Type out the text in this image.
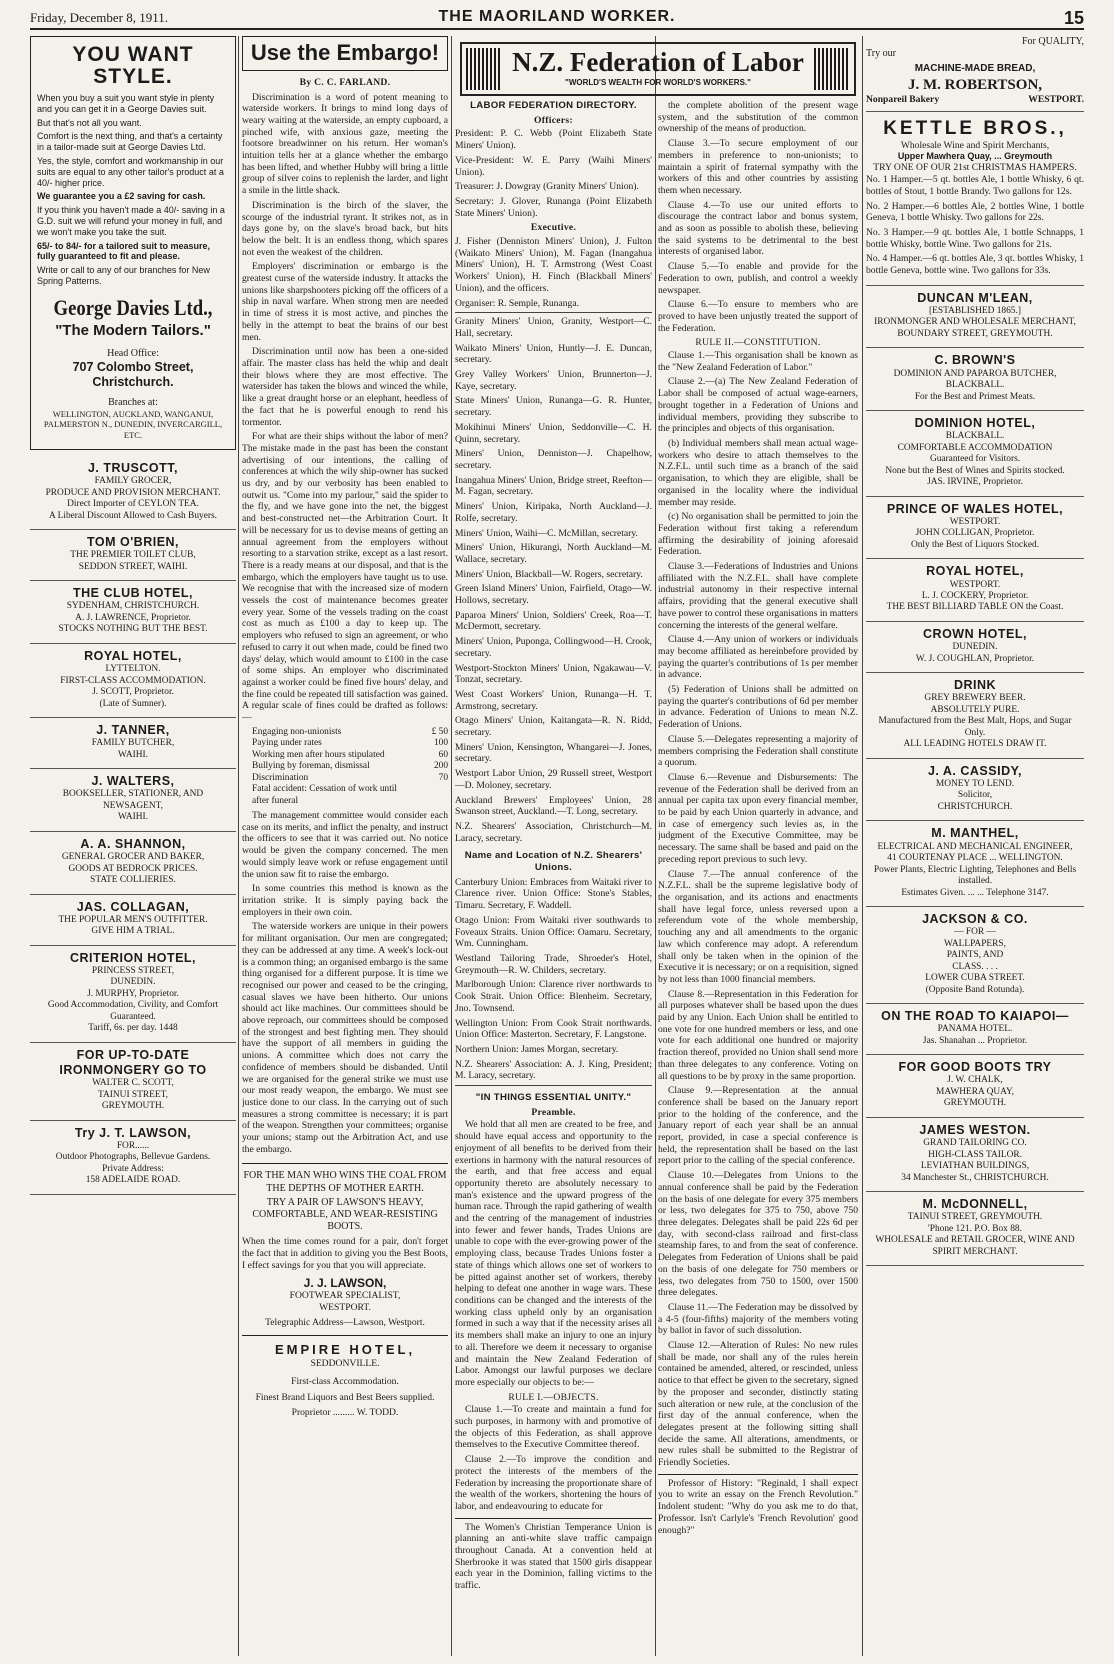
Friday, December 8, 1911.	THE MAORILAND WORKER.	15
YOU WANT STYLE.
When you buy a suit you want style in plenty and you can get it in a George Davies suit.
But that's not all you want.
Comfort is the next thing, and that's a certainty in a tailor-made suit at George Davies Ltd.
Yes, the style, comfort and workmanship in our suits are equal to any other tailor's product at a 40/- higher price.
We guarantee you a £2 saving for cash.
If you think you haven't made a 40/- saving in a G.D. suit we will refund your money in full, and we won't make you take the suit.
65/- to 84/- for a tailored suit to measure, fully guaranteed to fit and please.
Write or call to any of our branches for New Spring Patterns.
George Davies Ltd.,
"The Modern Tailors."
Head Office:
707 Colombo Street, Christchurch.
Branches at:
WELLINGTON, AUCKLAND, WANGANUI, PALMERSTON N., DUNEDIN, INVERCARGILL, ETC.
J. TRUSCOTT,
FAMILY GROCER,
PRODUCE AND PROVISION MERCHANT.
Direct Importer of CEYLON TEA.
A Liberal Discount Allowed to Cash Buyers.
TOM O'BRIEN,
THE PREMIER TOILET CLUB,
SEDDON STREET, WAIHI.
THE CLUB HOTEL,
SYDENHAM, CHRISTCHURCH.
A. J. LAWRENCE, Proprietor.
STOCKS NOTHING BUT THE BEST.
ROYAL HOTEL,
LYTTELTON.
FIRST-CLASS ACCOMMODATION.
J. SCOTT, Proprietor.
(Late of Sumner).
J. TANNER,
FAMILY BUTCHER,
WAIHI.
J. WALTERS,
BOOKSELLER, STATIONER, AND NEWSAGENT,
WAIHI.
A. A. SHANNON,
GENERAL GROCER AND BAKER,
GOODS AT BEDROCK PRICES.
STATE COLLIERIES.
JAS. COLLAGAN,
THE POPULAR MEN'S OUTFITTER.
GIVE HIM A TRIAL.
CRITERION HOTEL,
PRINCESS STREET,
DUNEDIN.
J. MURPHY, Proprietor.
Good Accommodation, Civility, and Comfort Guaranteed.
Tariff, 6s. per day. 1448
FOR UP-TO-DATE IRONMONGERY GO TO
WALTER C. SCOTT,
TAINUI STREET,
GREYMOUTH.
Try J. T. LAWSON,
FOR......
Outdoor Photographs, Bellevue Gardens.
Private Address:
158 ADELAIDE ROAD.
Use the Embargo!
By C. C. FARLAND.

Discrimination is a word of potent meaning to waterside workers. It brings to mind long days of weary waiting at the waterside, an empty cupboard, a pinched wife, with anxious gaze, meeting the footsore breadwinner on his return. Her woman's intuition tells her at a glance whether the embargo has been lifted, and whether Hubby will bring a little group of silver coins to replenish the larder, and light a smile in the little shack.

Discrimination is the birch of the slaver, the scourge of the industrial tyrant. It strikes not, as in days gone by, on the slave's broad back, but hits below the belt. It is an endless thong, which spares not even the weakest of the children.

Employers' discrimination or embargo is the greatest curse of the waterside industry. It attacks the unions like sharpshooters picking off the officers of a ship in naval warfare. When strong men are needed in time of stress it is most active, and pinches the belly in the attempt to beat the brains of our best men.

Discrimination until now has been a one-sided affair. The master class has held the whip and dealt their blows where they are most effective. The watersider has taken the blows and winced the while, like a great draught horse or an elephant, heedless of the fact that he is powerful enough to rend his tormentor.

For what are their ships without the labor of men? The mistake made in the past has been the constant advertising of our intentions, the calling of conferences at which the wily ship-owner has sucked us dry, and by our verbosity has been enabled to outwit us. "Come into my parlour," said the spider to the fly, and we have gone into the net, the biggest and best-constructed net—the Arbitration Court. It will be necessary for us to devise means of getting an annual agreement from the employers without resorting to a starvation strike, except as a last resort. There is a ready means at our disposal, and that is the embargo, which the employers have taught us to use. We recognise that with the increased size of modern vessels the cost of maintenance becomes greater every year. Some of the vessels trading on the coast cost as much as £100 a day to keep up. The employers who refused to sign an agreement, or who refused to carry it out when made, could be fined two days' delay, which would amount to £100 in the case of some ships. An employer who discriminated against a worker could be fined five hours' delay, and the fine could be repeated till satisfaction was gained. A regular scale of fines could be drafted as follows:—

Engaging non-unionists	£ 50
Paying under rates	100
Working men after hours stipulated	60
Bullying by foreman, dismissal	200
Discrimination	70
Fatal accident: Cessation of work until after funeral	

The management committee would consider each case on its merits, and inflict the penalty, and instruct the officers to see that it was carried out. No notice would be given the company concerned. The men would simply leave work or refuse engagement until the union saw fit to raise the embargo.

In some countries this method is known as the irritation strike. It is simply paying back the employers in their own coin.

The waterside workers are unique in their powers for militant organisation. Our men are congregated; they can be addressed at any time. A week's lock-out is a common thing; an organised embargo is the same thing organised for a different purpose. It is time we recognised our power and ceased to be the cringing, casual slaves we have been hitherto. Our unions should act like machines. Our committees should be above reproach, our committees should be composed of the strongest and best fighting men. They should have the support of all members in guiding the unions. A committee which does not carry the confidence of members should be disbanded. Until we are organised for the general strike we must use our most ready weapon, the embargo. We must see justice done to our class. In the carrying out of such measures a strong committee is necessary; it is part of the weapon. Strengthen your committees; organise your unions; stamp out the Arbitration Act, and use the embargo.

FOR THE MAN WHO WINS THE COAL FROM THE DEPTHS OF MOTHER EARTH.
TRY A PAIR OF LAWSON'S HEAVY, COMFORTABLE, AND WEAR-RESISTING BOOTS.
When the time comes round for a pair, don't forget the fact that in addition to giving you the Best Boots, I effect savings for you that you will appreciate.
J. J. LAWSON,
FOOTWEAR SPECIALIST,
WESTPORT.
Telegraphic Address—Lawson, Westport.
EMPIRE HOTEL,
SEDDONVILLE.
First-class Accommodation.
Finest Brand Liquors and Best Beers supplied.
Proprietor ......... W. TODD.
N.Z. Federation of Labor
"WORLD'S WEALTH FOR WORLD'S WORKERS."
LABOR FEDERATION DIRECTORY.
Officers:

President: P. C. Webb (Point Elizabeth State Miners' Union).

Vice-President: W. E. Parry (Waihi Miners' Union).

Treasurer: J. Dowgray (Granity Miners' Union).

Secretary: J. Glover, Runanga (Point Elizabeth State Miners' Union).

Executive.

J. Fisher (Denniston Miners' Union), J. Fulton (Waikato Miners' Union), M. Fagan (Inangahua Miners' Union), H. T. Armstrong (West Coast Workers' Union), H. Finch (Blackball Miners' Union), and the officers.

Organiser: R. Semple, Runanga.

Granity Miners' Union, Granity, Westport—C. Hall, secretary.

Waikato Miners' Union, Huntly—J. E. Duncan, secretary.

Grey Valley Workers' Union, Brunnerton—J. Kaye, secretary.

State Miners' Union, Runanga—G. R. Hunter, secretary.

Mokihinui Miners' Union, Seddonville—C. H. Quinn, secretary.

Miners' Union, Denniston—J. Chapelhow, secretary.

Inangahua Miners' Union, Bridge street, Reefton—M. Fagan, secretary.

Miners' Union, Kiripaka, North Auckland—J. Rolfe, secretary.

Miners' Union, Waihi—C. McMillan, secretary.

Miners' Union, Hikurangi, North Auckland—M. Wallace, secretary.

Miners' Union, Blackball—W. Rogers, secretary.

Green Island Miners' Union, Fairfield, Otago—W. Hollows, secretary.

Paparoa Miners' Union, Soldiers' Creek, Roa—T. McDermott, secretary.

Miners' Union, Puponga, Collingwood—H. Crook, secretary.

Westport-Stockton Miners' Union, Ngakawau—V. Tonzat, secretary.

West Coast Workers' Union, Runanga—H. T. Armstrong, secretary.

Otago Miners' Union, Kaitangata—R. N. Ridd, secretary.

Miners' Union, Kensington, Whangarei—J. Jones, secretary.

Westport Labor Union, 29 Russell street, Westport—D. Moloney, secretary.

Auckland Brewers' Employees' Union, 28 Swanson street, Auckland.—T. Long, secretary.

N.Z. Shearers' Association, Christchurch—M. Laracy, secretary.

Name and Location of N.Z. Shearers' Unions.

Canterbury Union: Embraces from Waitaki river to Clarence river. Union Office: Stone's Stables, Timaru. Secretary, F. Waddell.

Otago Union: From Waitaki river southwards to Foveaux Straits. Union Office: Oamaru. Secretary, Wm. Cunningham.

Westland Tailoring Trade, Shroeder's Hotel, Greymouth—R. W. Childers, secretary.

Marlborough Union: Clarence river northwards to Cook Strait. Union Office: Blenheim. Secretary, Jno. Townsend.

Wellington Union: From Cook Strait northwards. Union Office: Masterton. Secretary, F. Langstone.

Northern Union: James Morgan, secretary.

N.Z. Shearers' Association: A. J. King, President; M. Laracy, secretary.

"IN THINGS ESSENTIAL UNITY."
Preamble.

We hold that all men are created to be free, and should have equal access and opportunity to the enjoyment of all benefits to be derived from their exertions in harmony with the natural resources of the earth, and that free access and equal opportunity thereto are absolutely necessary to man's existence and the upward progress of the human race. Through the rapid gathering of wealth and the centring of the management of industries into fewer and fewer hands, Trades Unions are unable to cope with the ever-growing power of the employing class, because Trades Unions foster a state of things which allows one set of workers to be pitted against another set of workers, thereby helping to defeat one another in wage wars. These conditions can be changed and the interests of the working class upheld only by an organisation formed in such a way that if the necessity arises all its members shall make an injury to one an injury to all. Therefore we deem it necessary to organise and maintain the New Zealand Federation of Labor. Amongst our lawful purposes we declare more especially our objects to be:—

RULE I.—OBJECTS.

Clause 1.—To create and maintain a fund for such purposes, in harmony with and promotive of the objects of this Federation, as shall approve themselves to the Executive Committee thereof.

Clause 2.—To improve the condition and protect the interests of the members of the Federation by increasing the proportionate share of the wealth of the workers, shortening the hours of labor, and endeavouring to educate for

The Women's Christian Temperance Union is planning an anti-white slave traffic campaign throughout Canada. At a convention held at Sherbrooke it was stated that 1500 girls disappear each year in the Dominion, falling victims to the traffic.

the complete abolition of the present wage system, and the substitution of the common ownership of the means of production.

Clause 3.—To secure employment of our members in preference to non-unionists; to maintain a spirit of fraternal sympathy with the workers of this and other countries by assisting them when necessary.

Clause 4.—To use our united efforts to discourage the contract labor and bonus system, and as soon as possible to abolish these, believing the said systems to be detrimental to the best interests of organised labor.

Clause 5.—To enable and provide for the Federation to own, publish, and control a weekly newspaper.

Clause 6.—To ensure to members who are proved to have been unjustly treated the support of the Federation.

RULE II.—CONSTITUTION.

Clause 1.—This organisation shall be known as the "New Zealand Federation of Labor."

Clause 2.—(a) The New Zealand Federation of Labor shall be composed of actual wage-earners, brought together in a Federation of Unions and individual members, providing they subscribe to the principles and objects of this organisation.

(b) Individual members shall mean actual wage-workers who desire to attach themselves to the N.Z.F.L. until such time as a branch of the said organisation, to which they are eligible, shall be organised in the locality where the individual member may reside.

(c) No organisation shall be permitted to join the Federation without first taking a referendum affirming the desirability of joining aforesaid Federation.

Clause 3.—Federations of Industries and Unions affiliated with the N.Z.F.L. shall have complete industrial autonomy in their respective internal affairs, providing that the general executive shall have power to control these organisations in matters concerning the interests of the general welfare.

Clause 4.—Any union of workers or individuals may become affiliated as hereinbefore provided by paying the quarter's contributions of 1s per member in advance.

(5) Federation of Unions shall be admitted on paying the quarter's contributions of 6d per member in advance. Federation of Unions to mean N.Z. Federation of Unions.

Clause 5.—Delegates representing a majority of members comprising the Federation shall constitute a quorum.

Clause 6.—Revenue and Disbursements: The revenue of the Federation shall be derived from an annual per capita tax upon every financial member, to be paid by each Union quarterly in advance, and in case of emergency such levies as, in the judgment of the Executive Committee, may be necessary. The same shall be based and paid on the preceding report previous to such levy.

Clause 7.—The annual conference of the N.Z.F.L. shall be the supreme legislative body of the organisation, and its actions and enactments shall have legal force, unless reversed upon a referendum vote of the whole membership, touching any and all amendments to the organic law which conference may adopt. A referendum shall only be taken when in the opinion of the Executive it is necessary; or on a requisition, signed by not less than 1000 financial members.

Clause 8.—Representation in this Federation for all purposes whatever shall be based upon the dues paid by any Union. Each Union shall be entitled to one vote for one hundred members or less, and one vote for each additional one hundred or majority fraction thereof, provided no Union shall send more than three delegates to any conference. Voting on all questions to be by proxy in the same proportion.

Clause 9.—Representation at the annual conference shall be based on the January report prior to the holding of the conference, and the January report of each year shall be an annual report, provided, in case a special conference is held, the representation shall be based on the last report prior to the calling of the special conference.

Clause 10.—Delegates from Unions to the annual conference shall be paid by the Federation on the basis of one delegate for every 375 members or less, two delegates for 375 to 750, above 750 three delegates. Delegates shall be paid 22s 6d per day, with second-class railroad and first-class steamship fares, to and from the seat of conference. Delegates from Federation of Unions shall be paid on the basis of one delegate for 750 members or less, two delegates from 750 to 1500, over 1500 three delegates.

Clause 11.—The Federation may be dissolved by a 4-5 (four-fifths) majority of the members voting by ballot in favor of such dissolution.

Clause 12.—Alteration of Rules: No new rules shall be made, nor shall any of the rules herein contained be amended, altered, or rescinded, unless notice to that effect be given to the secretary, signed by the proposer and seconder, distinctly stating such alteration or new rule, at the conclusion of the first day of the annual conference, when the delegates present at the following sitting shall decide the same. All alterations, amendments, or new rules shall be submitted to the Registrar of Friendly Societies.

Professor of History: "Reginald, I shall expect you to write an essay on the French Revolution." Indolent student: "Why do you ask me to do that, Professor. Isn't Carlyle's 'French Revolution' good enough?"

For QUALITY,
Try our
MACHINE-MADE BREAD,
J. M. ROBERTSON,
Nonpareil Bakery	WESTPORT.
KETTLE BROS.,
Wholesale Wine and Spirit Merchants,
Upper Mawhera Quay, ... Greymouth
TRY ONE OF OUR 21st CHRISTMAS HAMPERS.

No. 1 Hamper.—5 qt. bottles Ale, 1 bottle Whisky, 6 qt. bottles of Stout, 1 bottle Brandy. Two gallons for 12s.

No. 2 Hamper.—6 bottles Ale, 2 bottles Wine, 1 bottle Geneva, 1 bottle Whisky. Two gallons for 22s.

No. 3 Hamper.—9 qt. bottles Ale, 1 bottle Schnapps, 1 bottle Whisky, bottle Wine. Two gallons for 21s.

No. 4 Hamper.—6 qt. bottles Ale, 3 qt. bottles Whisky, 1 bottle Geneva, bottle wine. Two gallons for 33s.

DUNCAN M'LEAN,
[ESTABLISHED 1865.]
IRONMONGER AND WHOLESALE MERCHANT,
BOUNDARY STREET, GREYMOUTH.
C. BROWN'S
DOMINION AND PAPAROA BUTCHER,
BLACKBALL.
For the Best and Primest Meats.
DOMINION HOTEL,
BLACKBALL.
COMFORTABLE ACCOMMODATION
Guaranteed for Visitors.
None but the Best of Wines and Spirits stocked.
JAS. IRVINE, Proprietor.
PRINCE OF WALES HOTEL,
WESTPORT.
JOHN COLLIGAN, Proprietor.
Only the Best of Liquors Stocked.
ROYAL HOTEL,
WESTPORT.
L. J. COCKERY, Proprietor.
THE BEST BILLIARD TABLE ON the Coast.
CROWN HOTEL,
DUNEDIN.
W. J. COUGHLAN, Proprietor.
DRINK
GREY BREWERY BEER.
ABSOLUTELY PURE.
Manufactured from the Best Malt, Hops, and Sugar Only.
ALL LEADING HOTELS DRAW IT.
J. A. CASSIDY,
MONEY TO LEND.
Solicitor,
CHRISTCHURCH.
M. MANTHEL,
ELECTRICAL AND MECHANICAL ENGINEER,
41 COURTENAY PLACE ... WELLINGTON.
Power Plants, Electric Lighting, Telephones and Bells installed.
Estimates Given. ... ... Telephone 3147.
JACKSON & CO.
— FOR —
WALLPAPERS,
PAINTS, AND
CLASS. . . .
LOWER CUBA STREET.
(Opposite Band Rotunda).
ON THE ROAD TO KAIAPOI—
PANAMA HOTEL.
Jas. Shanahan ... Proprietor.
FOR GOOD BOOTS TRY
J. W. CHALK,
MAWHERA QUAY,
GREYMOUTH.
JAMES WESTON.
GRAND TAILORING CO.
HIGH-CLASS TAILOR.
LEVIATHAN BUILDINGS,
34 Manchester St., CHRISTCHURCH.
M. McDONNELL,
TAINUI STREET, GREYMOUTH.
'Phone 121. P.O. Box 88.
WHOLESALE and RETAIL GROCER, WINE AND SPIRIT MERCHANT.
